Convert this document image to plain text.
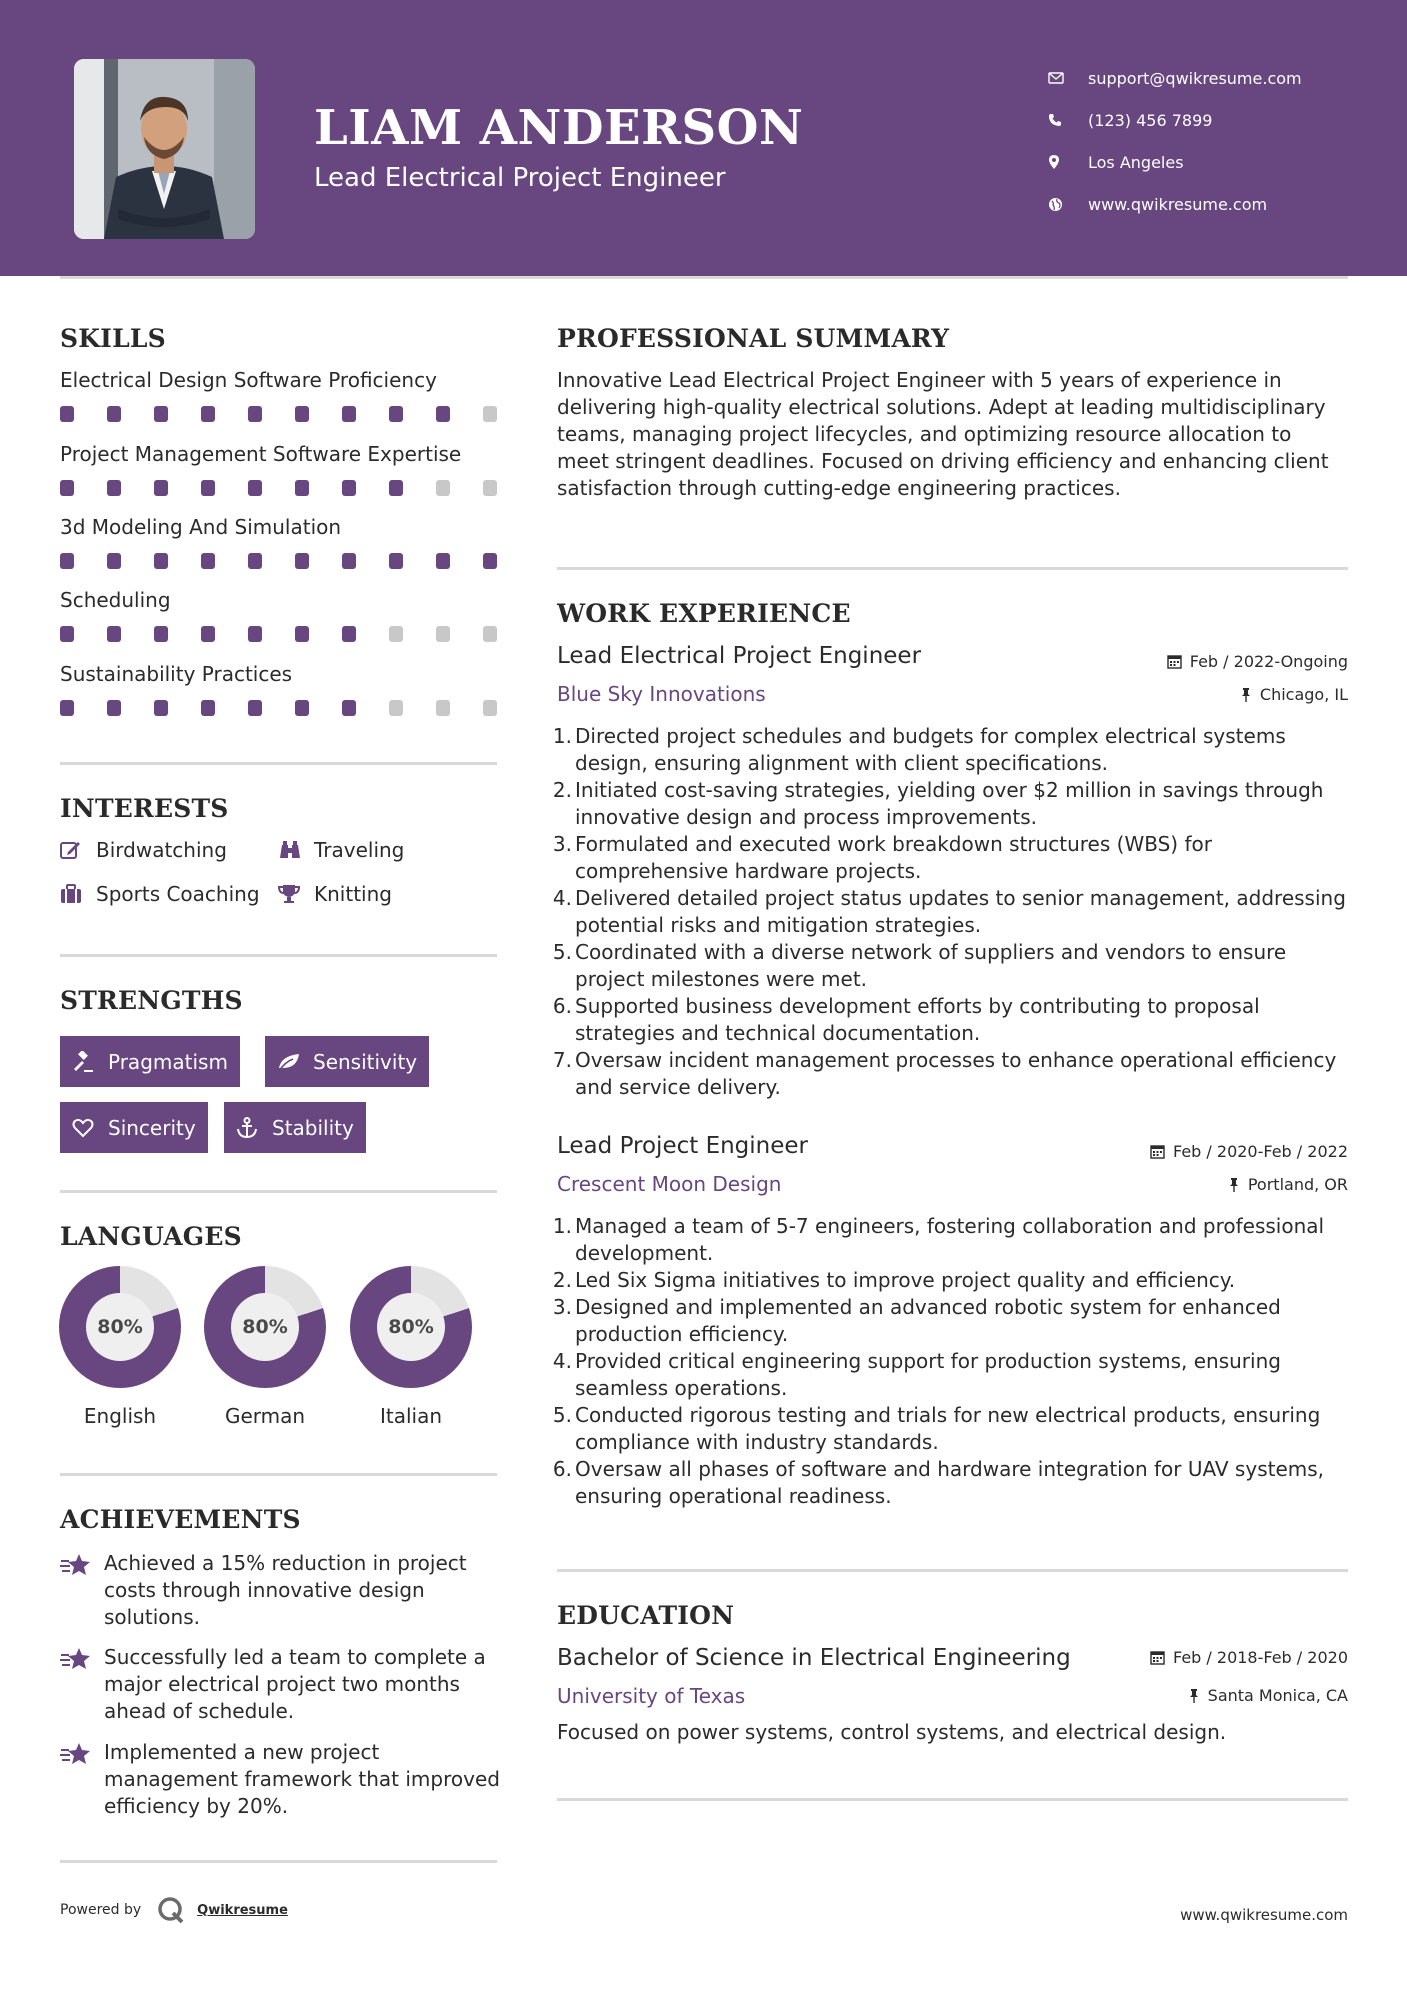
LIAM ANDERSON
Lead Electrical Project Engineer
support@qwikresume.com
(123) 456 7899
Los Angeles
www.qwikresume.com
SKILLS
Electrical Design Software Proficiency
Project Management Software Expertise
3d Modeling And Simulation
Scheduling
Sustainability Practices
INTERESTS
Birdwatching	Traveling
Sports Coaching	Knitting
STRENGTHS
Pragmatism	Sensitivity
Sincerity	Stability
LANGUAGES
80%
English
80%
German
80%
Italian
ACHIEVEMENTS
Achieved a 15% reduction in project costs through innovative design solutions.
Successfully led a team to complete a major electrical project two months ahead of schedule.
Implemented a new project management framework that improved efficiency by 20%.
PROFESSIONAL SUMMARY
Innovative Lead Electrical Project Engineer with 5 years of experience in delivering high-quality electrical solutions. Adept at leading multidisciplinary teams, managing project lifecycles, and optimizing resource allocation to meet stringent deadlines. Focused on driving efficiency and enhancing client satisfaction through cutting-edge engineering practices.
WORK EXPERIENCE
Lead Electrical Project Engineer	Feb / 2022-Ongoing
Blue Sky Innovations	Chicago, IL
1. Directed project schedules and budgets for complex electrical systems design, ensuring alignment with client specifications.
2. Initiated cost-saving strategies, yielding over $2 million in savings through innovative design and process improvements.
3. Formulated and executed work breakdown structures (WBS) for comprehensive hardware projects.
4. Delivered detailed project status updates to senior management, addressing potential risks and mitigation strategies.
5. Coordinated with a diverse network of suppliers and vendors to ensure project milestones were met.
6. Supported business development efforts by contributing to proposal strategies and technical documentation.
7. Oversaw incident management processes to enhance operational efficiency and service delivery.
Lead Project Engineer	Feb / 2020-Feb / 2022
Crescent Moon Design	Portland, OR
1. Managed a team of 5-7 engineers, fostering collaboration and professional development.
2. Led Six Sigma initiatives to improve project quality and efficiency.
3. Designed and implemented an advanced robotic system for enhanced production efficiency.
4. Provided critical engineering support for production systems, ensuring seamless operations.
5. Conducted rigorous testing and trials for new electrical products, ensuring compliance with industry standards.
6. Oversaw all phases of software and hardware integration for UAV systems, ensuring operational readiness.
EDUCATION
Bachelor of Science in Electrical Engineering	Feb / 2018-Feb / 2020
University of Texas	Santa Monica, CA
Focused on power systems, control systems, and electrical design.
Powered by	Qwikresume	www.qwikresume.com
